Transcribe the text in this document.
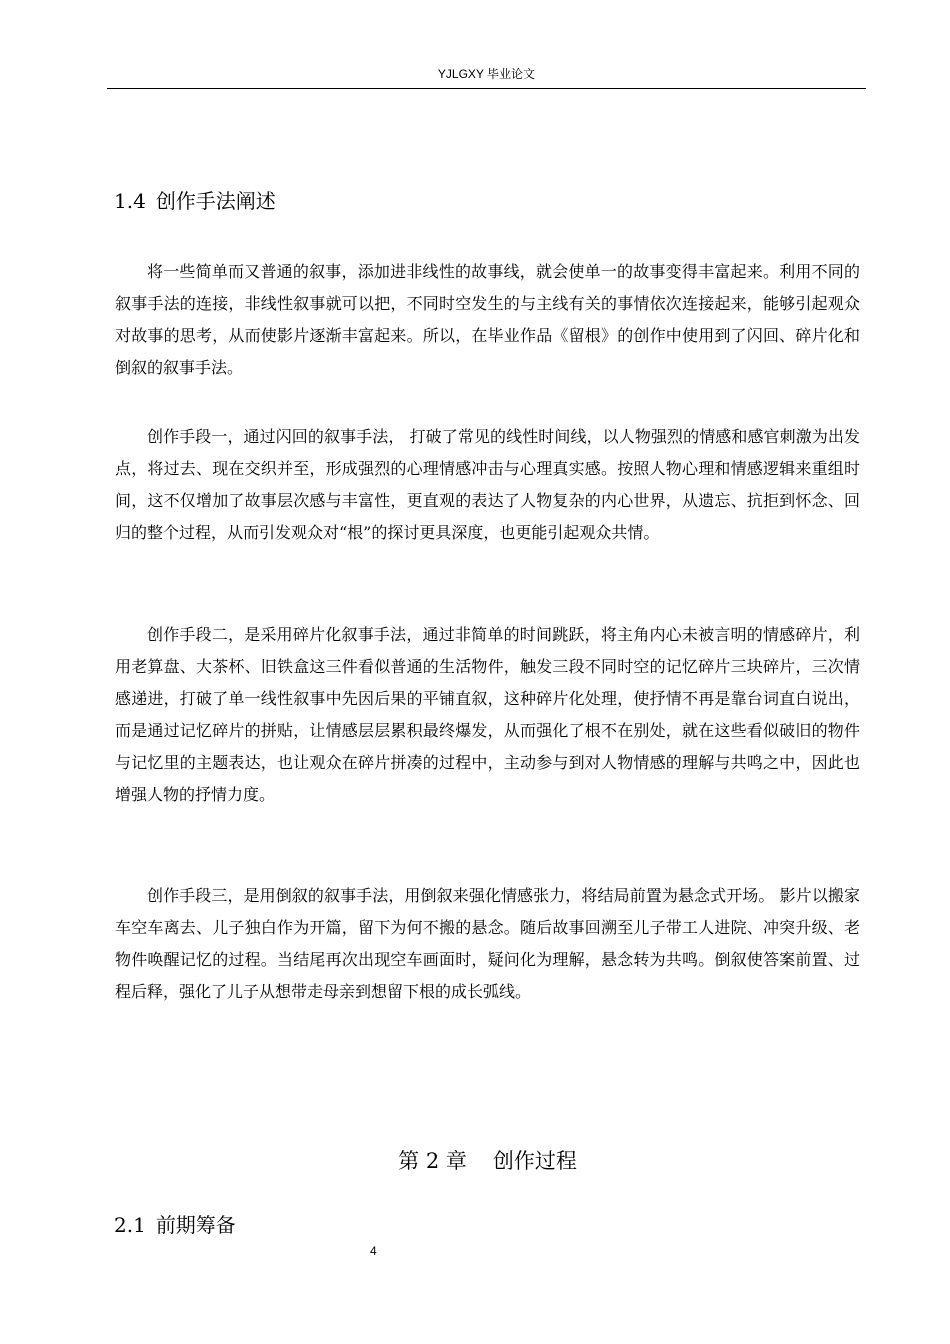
YJLGXY 毕业论文
1.4 创作手法阐述

将一些简单而又普通的叙事，添加进非线性的故事线，就会使单一的故事变得丰富起来。利用不同的叙事手法的连接，非线性叙事就可以把，不同时空发生的与主线有关的事情依次连接起来，能够引起观众对故事的思考，从而使影片逐渐丰富起来。所以，在毕业作品《留根》的创作中使用到了闪回、碎片化和倒叙的叙事手法。

创作手段一，通过闪回的叙事手法， 打破了常见的线性时间线，以人物强烈的情感和感官刺激为出发点，将过去、现在交织并至，形成强烈的心理情感冲击与心理真实感。按照人物心理和情感逻辑来重组时间，这不仅增加了故事层次感与丰富性，更直观的表达了人物复杂的内心世界，从遗忘、抗拒到怀念、回归的整个过程，从而引发观众对“根”的探讨更具深度，也更能引起观众共情。

创作手段二，是采用碎片化叙事手法，通过非简单的时间跳跃，将主角内心未被言明的情感碎片，利用老算盘、大茶杯、旧铁盒这三件看似普通的生活物件，触发三段不同时空的记忆碎片三块碎片，三次情感递进，打破了单一线性叙事中先因后果的平铺直叙，这种碎片化处理，使抒情不再是靠台词直白说出，而是通过记忆碎片的拼贴，让情感层层累积最终爆发，从而强化了根不在别处，就在这些看似破旧的物件与记忆里的主题表达，也让观众在碎片拼凑的过程中，主动参与到对人物情感的理解与共鸣之中，因此也增强人物的抒情力度。

创作手段三，是用倒叙的叙事手法，用倒叙来强化情感张力，将结局前置为悬念式开场。 影片以搬家车空车离去、儿子独白作为开篇，留下为何不搬的悬念。随后故事回溯至儿子带工人进院、冲突升级、老物件唤醒记忆的过程。当结尾再次出现空车画面时，疑问化为理解，悬念转为共鸣。倒叙使答案前置、过程后释，强化了儿子从想带走母亲到想留下根的成长弧线。

第 2 章 创作过程
2.1 前期筹备
4
